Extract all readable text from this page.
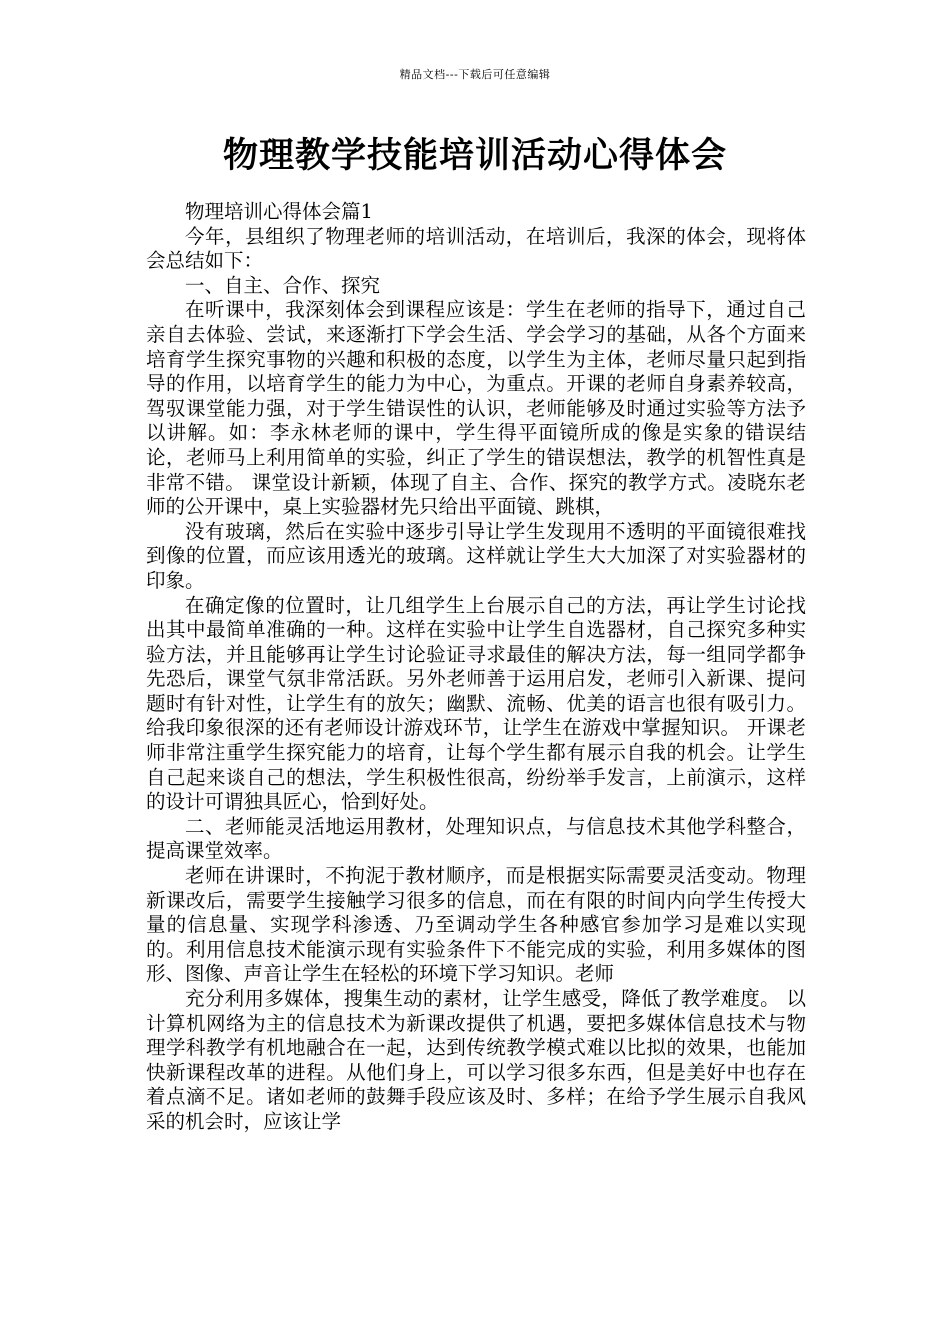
精品文档---下载后可任意编辑
物理教学技能培训活动心得体会

物理培训心得体会篇1

今年，县组织了物理老师的培训活动，在培训后，我深的体会，现将体会总结如下：

一、自主、合作、探究

在听课中，我深刻体会到课程应该是：学生在老师的指导下，通过自己亲自去体验、尝试，来逐渐打下学会生活、学会学习的基础，从各个方面来培育学生探究事物的兴趣和积极的态度，以学生为主体，老师尽量只起到指导的作用，以培育学生的能力为中心，为重点。开课的老师自身素养较高，驾驭课堂能力强，对于学生错误性的认识，老师能够及时通过实验等方法予以讲解。如：李永林老师的课中，学生得平面镜所成的像是实象的错误结论，老师马上利用简单的实验，纠正了学生的错误想法，教学的机智性真是非常不错。 课堂设计新颖，体现了自主、合作、探究的教学方式。凌晓东老师的公开课中，桌上实验器材先只给出平面镜、跳棋，

没有玻璃，然后在实验中逐步引导让学生发现用不透明的平面镜很难找到像的位置，而应该用透光的玻璃。这样就让学生大大加深了对实验器材的印象。

在确定像的位置时，让几组学生上台展示自己的方法，再让学生讨论找出其中最简单准确的一种。这样在实验中让学生自选器材，自己探究多种实验方法，并且能够再让学生讨论验证寻求最佳的解决方法，每一组同学都争先恐后，课堂气氛非常活跃。另外老师善于运用启发，老师引入新课、提问题时有针对性，让学生有的放矢；幽默、流畅、优美的语言也很有吸引力。给我印象很深的还有老师设计游戏环节，让学生在游戏中掌握知识。 开课老师非常注重学生探究能力的培育，让每个学生都有展示自我的机会。让学生自己起来谈自己的想法，学生积极性很高，纷纷举手发言，上前演示，这样的设计可谓独具匠心，恰到好处。

二、老师能灵活地运用教材，处理知识点，与信息技术其他学科整合，提高课堂效率。

老师在讲课时，不拘泥于教材顺序，而是根据实际需要灵活变动。物理新课改后，需要学生接触学习很多的信息，而在有限的时间内向学生传授大量的信息量、实现学科渗透、乃至调动学生各种感官参加学习是难以实现的。利用信息技术能演示现有实验条件下不能完成的实验，利用多媒体的图形、图像、声音让学生在轻松的环境下学习知识。老师

充分利用多媒体，搜集生动的素材，让学生感受，降低了教学难度。 以计算机网络为主的信息技术为新课改提供了机遇，要把多媒体信息技术与物理学科教学有机地融合在一起，达到传统教学模式难以比拟的效果，也能加快新课程改革的进程。从他们身上，可以学习很多东西，但是美好中也存在着点滴不足。诸如老师的鼓舞手段应该及时、多样；在给予学生展示自我风采的机会时，应该让学
